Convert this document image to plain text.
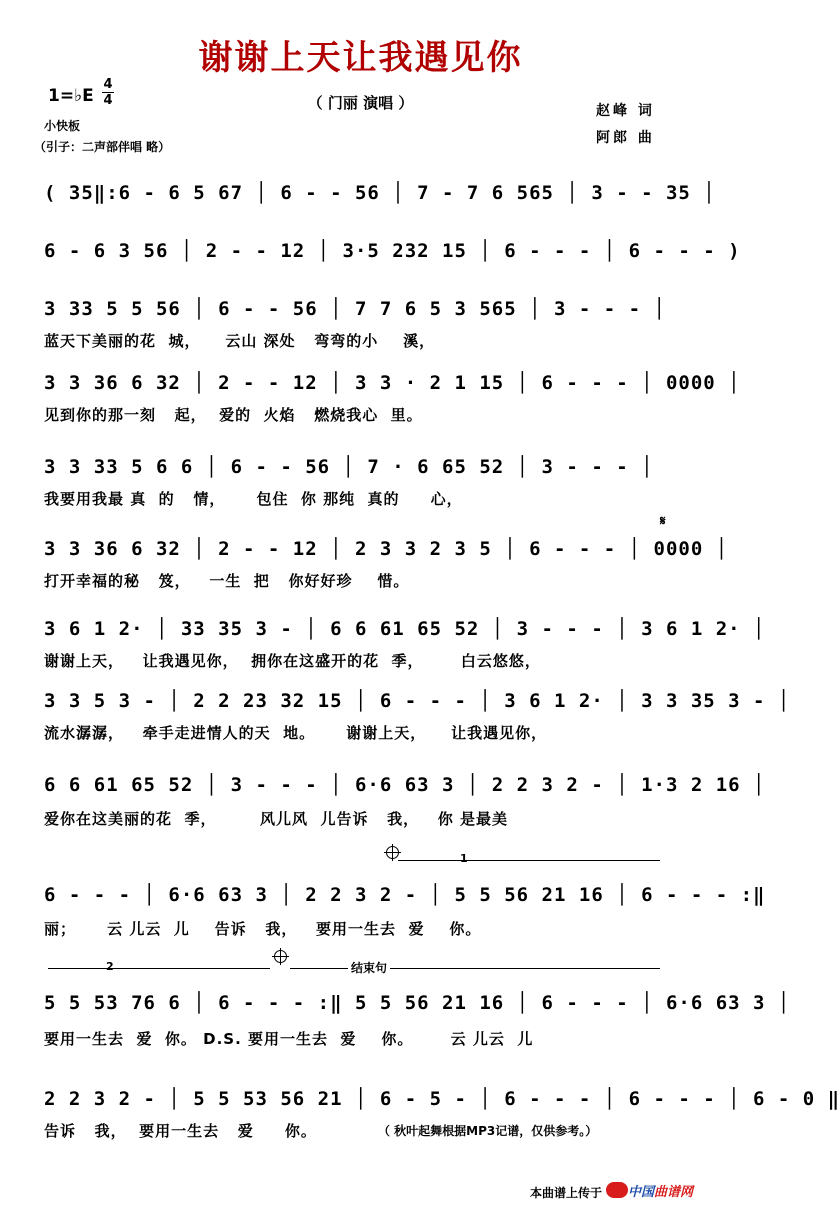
谢谢上天让我遇见你
（ 门丽 演唱 ）
1=♭E
4
4
小快板
（引子：二声部伴唱 略）
赵峰 词
阿郎 曲
( 35‖:6 - 6 5 67 │ 6 - - 56 │ 7 - 7 6 565 │ 3 - - 35 │
6 - 6 3 56 │ 2 - - 12 │ 3·5 232 15 │ 6 - - - │ 6 - - - )
3 33 5 5 56 │ 6 - - 56 │ 7 7 6 5 3 565 │ 3 - - - │
蓝天下美丽的花  城，    云山 深处   弯弯的小    溪，
3 3 36 6 32 │ 2 - - 12 │ 3 3 · 2 1 15 │ 6 - - - │ 0000 │
见到你的那一刻   起，  爱的  火焰   燃烧我心  里。
3 3 33 5 6 6 │ 6 - - 56 │ 7 · 6 65 52 │ 3 - - - │
我要用我最 真  的   情，     包住  你 那纯  真的     心，
𝄋
3 3 36 6 32 │ 2 - - 12 │ 2 3 3 2 3 5 │ 6 - - - │ 0000 │
打开幸福的秘   笈，   一生  把   你好好珍    惜。
3 6 1 2· │ 33 35 3 - │ 6 6 61 65 52 │ 3 - - - │ 3 6 1 2· │
谢谢上天，   让我遇见你，  拥你在这盛开的花  季，      白云悠悠，
3 3 5 3 - │ 2 2 23 32 15 │ 6 - - - │ 3 6 1 2· │ 3 3 35 3 - │
流水潺潺，   牵手走进情人的天  地。     谢谢上天，    让我遇见你，
6 6 61 65 52 │ 3 - - - │ 6·6 63 3 │ 2 2 3 2 - │ 1·3 2 16 │
爱你在这美丽的花  季，       风儿风  儿告诉   我，   你 是最美
1
6 - - - │ 6·6 63 3 │ 2 2 3 2 - │ 5 5 56 21 16 │ 6 - - - :‖
丽；     云 儿云  儿    告诉   我，   要用一生去  爱    你。
2	结束句
5 5 53 76 6 │ 6 - - - :‖ 5 5 56 21 16 │ 6 - - - │ 6·6 63 3 │
要用一生去  爱  你。 D.S. 要用一生去  爱    你。      云 儿云  儿
2 2 3 2 - │ 5 5 53 56 21 │ 6 - 5 - │ 6 - - - │ 6 - - - │ 6 - 0 ‖
告诉   我，  要用一生去   爱     你。	（ 秋叶起舞根据MP3记谱，仅供参考。）
本曲谱上传于 中国曲谱网
